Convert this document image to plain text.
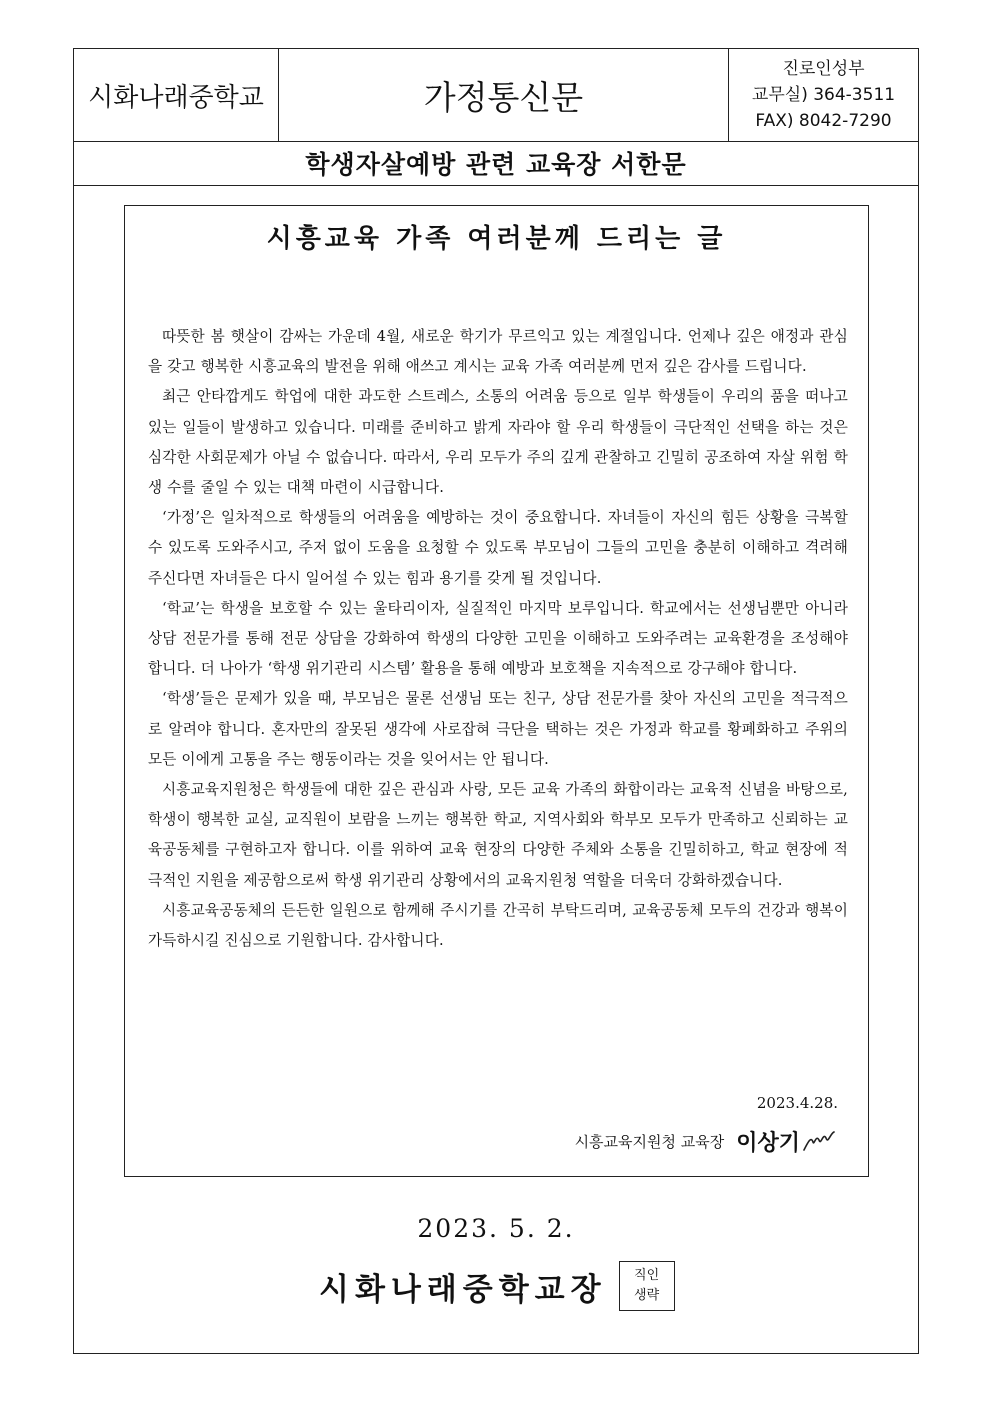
시화나래중학교	가정통신문
진로인성부
교무실) 364-3511
FAX) 8042-7290
학생자살예방 관련 교육장 서한문
시흥교육 가족 여러분께 드리는 글

따뜻한 봄 햇살이 감싸는 가운데 4월, 새로운 학기가 무르익고 있는 계절입니다. 언제나 깊은 애정과 관심을 갖고 행복한 시흥교육의 발전을 위해 애쓰고 계시는 교육 가족 여러분께 먼저 깊은 감사를 드립니다.

최근 안타깝게도 학업에 대한 과도한 스트레스, 소통의 어려움 등으로 일부 학생들이 우리의 품을 떠나고 있는 일들이 발생하고 있습니다. 미래를 준비하고 밝게 자라야 할 우리 학생들이 극단적인 선택을 하는 것은 심각한 사회문제가 아닐 수 없습니다. 따라서, 우리 모두가 주의 깊게 관찰하고 긴밀히 공조하여 자살 위험 학생 수를 줄일 수 있는 대책 마련이 시급합니다.

‘가정’은 일차적으로 학생들의 어려움을 예방하는 것이 중요합니다. 자녀들이 자신의 힘든 상황을 극복할 수 있도록 도와주시고, 주저 없이 도움을 요청할 수 있도록 부모님이 그들의 고민을 충분히 이해하고 격려해 주신다면 자녀들은 다시 일어설 수 있는 힘과 용기를 갖게 될 것입니다.

‘학교’는 학생을 보호할 수 있는 울타리이자, 실질적인 마지막 보루입니다. 학교에서는 선생님뿐만 아니라 상담 전문가를 통해 전문 상담을 강화하여 학생의 다양한 고민을 이해하고 도와주려는 교육환경을 조성해야 합니다. 더 나아가 ‘학생 위기관리 시스템’ 활용을 통해 예방과 보호책을 지속적으로 강구해야 합니다.

‘학생’들은 문제가 있을 때, 부모님은 물론 선생님 또는 친구, 상담 전문가를 찾아 자신의 고민을 적극적으로 알려야 합니다. 혼자만의 잘못된 생각에 사로잡혀 극단을 택하는 것은 가정과 학교를 황폐화하고 주위의 모든 이에게 고통을 주는 행동이라는 것을 잊어서는 안 됩니다.

시흥교육지원청은 학생들에 대한 깊은 관심과 사랑, 모든 교육 가족의 화합이라는 교육적 신념을 바탕으로, 학생이 행복한 교실, 교직원이 보람을 느끼는 행복한 학교, 지역사회와 학부모 모두가 만족하고 신뢰하는 교육공동체를 구현하고자 합니다. 이를 위하여 교육 현장의 다양한 주체와 소통을 긴밀히하고, 학교 현장에 적극적인 지원을 제공함으로써 학생 위기관리 상황에서의 교육지원청 역할을 더욱더 강화하겠습니다.

시흥교육공동체의 든든한 일원으로 함께해 주시기를 간곡히 부탁드리며, 교육공동체 모두의 건강과 행복이 가득하시길 진심으로 기원합니다. 감사합니다.

2023.4.28.
시흥교육지원청 교육장 이상기
2023. 5. 2.
시화나래중학교장 직인
생략
